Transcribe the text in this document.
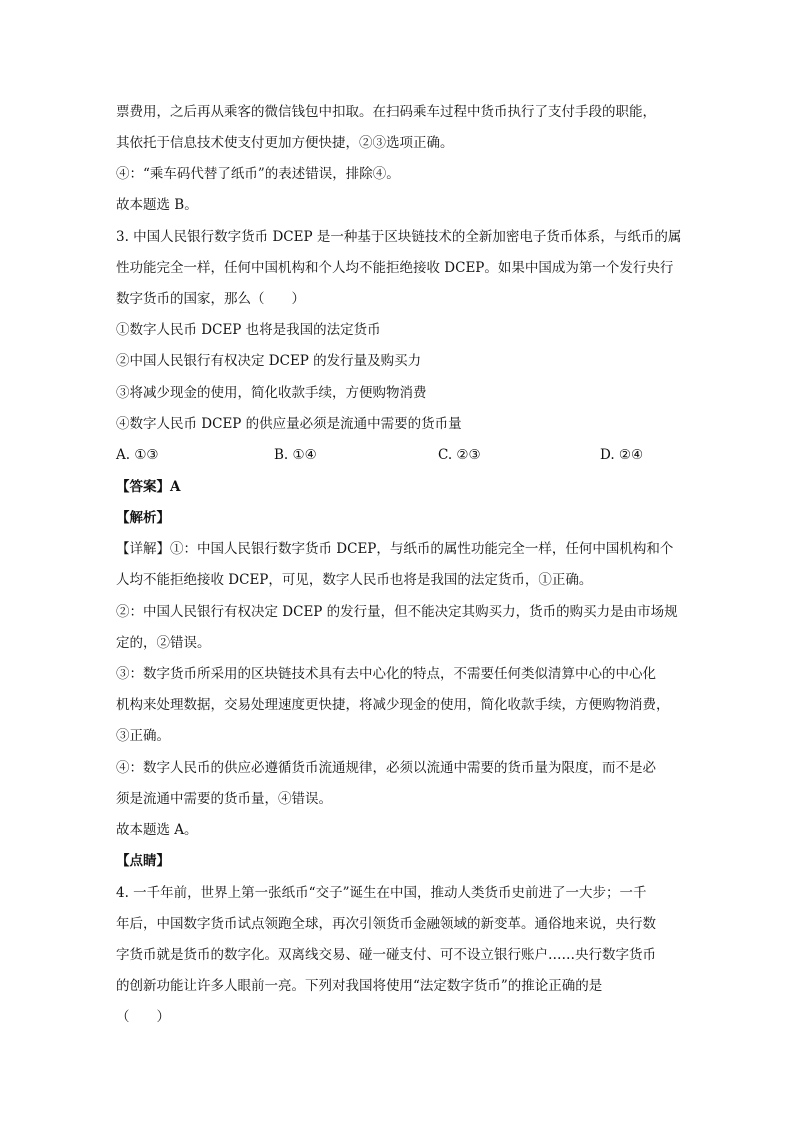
票费用，之后再从乘客的微信钱包中扣取。在扫码乘车过程中货币执行了支付手段的职能，
其依托于信息技术使支付更加方便快捷，②③选项正确。
④：“乘车码代替了纸币”的表述错误，排除④。
故本题选 B。
3. 中国人民银行数字货币 DCEP 是一种基于区块链技术的全新加密电子货币体系，与纸币的属
性功能完全一样，任何中国机构和个人均不能拒绝接收 DCEP。如果中国成为第一个发行央行
数字货币的国家，那么（　　）
①数字人民币 DCEP 也将是我国的法定货币
②中国人民银行有权决定 DCEP 的发行量及购买力
③将减少现金的使用，简化收款手续，方便购物消费
④数字人民币 DCEP 的供应量必须是流通中需要的货币量
A. ①③	B. ①④	C. ②③	D. ②④
【答案】A
【解析】
【详解】①：中国人民银行数字货币 DCEP，与纸币的属性功能完全一样，任何中国机构和个
人均不能拒绝接收 DCEP，可见，数字人民币也将是我国的法定货币，①正确。
②：中国人民银行有权决定 DCEP 的发行量，但不能决定其购买力，货币的购买力是由市场规
定的，②错误。
③：数字货币所采用的区块链技术具有去中心化的特点，不需要任何类似清算中心的中心化
机构来处理数据，交易处理速度更快捷，将减少现金的使用，简化收款手续，方便购物消费，
③正确。
④：数字人民币的供应必遵循货币流通规律，必须以流通中需要的货币量为限度，而不是必
须是流通中需要的货币量，④错误。
故本题选 A。
【点睛】
4. 一千年前，世界上第一张纸币“交子”诞生在中国，推动人类货币史前进了一大步；一千
年后，中国数字货币试点领跑全球，再次引领货币金融领域的新变革。通俗地来说，央行数
字货币就是货币的数字化。双离线交易、碰一碰支付、可不设立银行账户……央行数字货币
的创新功能让许多人眼前一亮。下列对我国将使用“法定数字货币”的推论正确的是
（　　）
